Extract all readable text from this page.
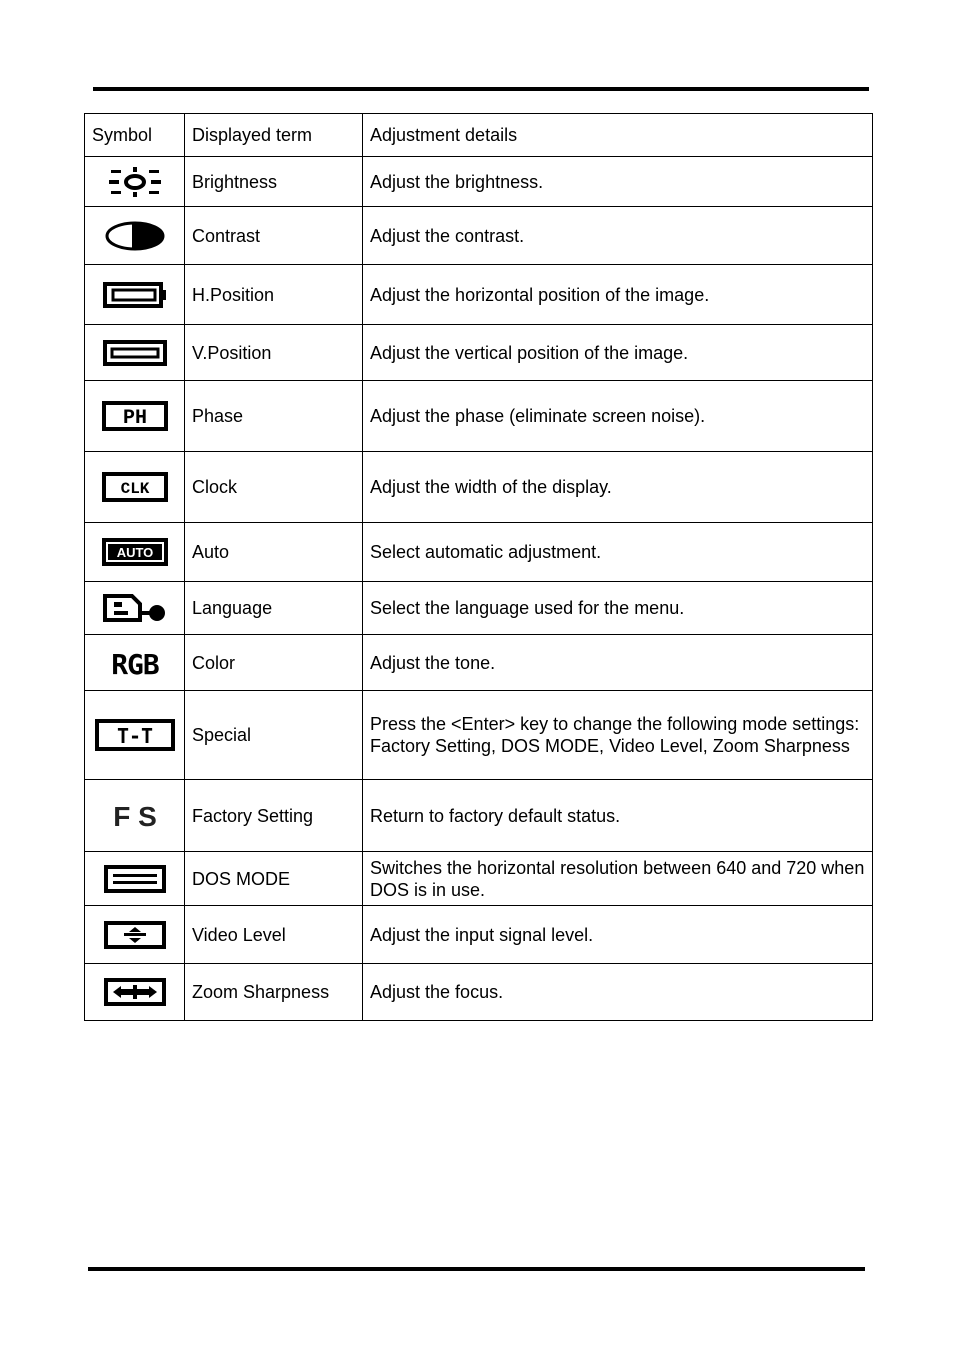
Symbol	Displayed term	Adjustment details

	Brightness	Adjust the brightness.

	Contrast	Adjust the contrast.

	H.Position	Adjust the horizontal position of the image.

	V.Position	Adjust the vertical position of the image.

PH	Phase	Adjust the phase (eliminate screen noise).

CLK	Clock	Adjust the width of the display.

AUTO	Auto	Select automatic adjustment.

	Language	Select the language used for the menu.

RGB	Color	Adjust the tone.

T-T	Special	Press the <Enter> key to change the following mode settings:
Factory Setting, DOS MODE, Video Level, Zoom Sharpness

F S	Factory Setting	Return to factory default status.

	DOS MODE	Switches the horizontal resolution between 640 and 720 when DOS is in use.

	Video Level	Adjust the input signal level.

	Zoom Sharpness	Adjust the focus.
